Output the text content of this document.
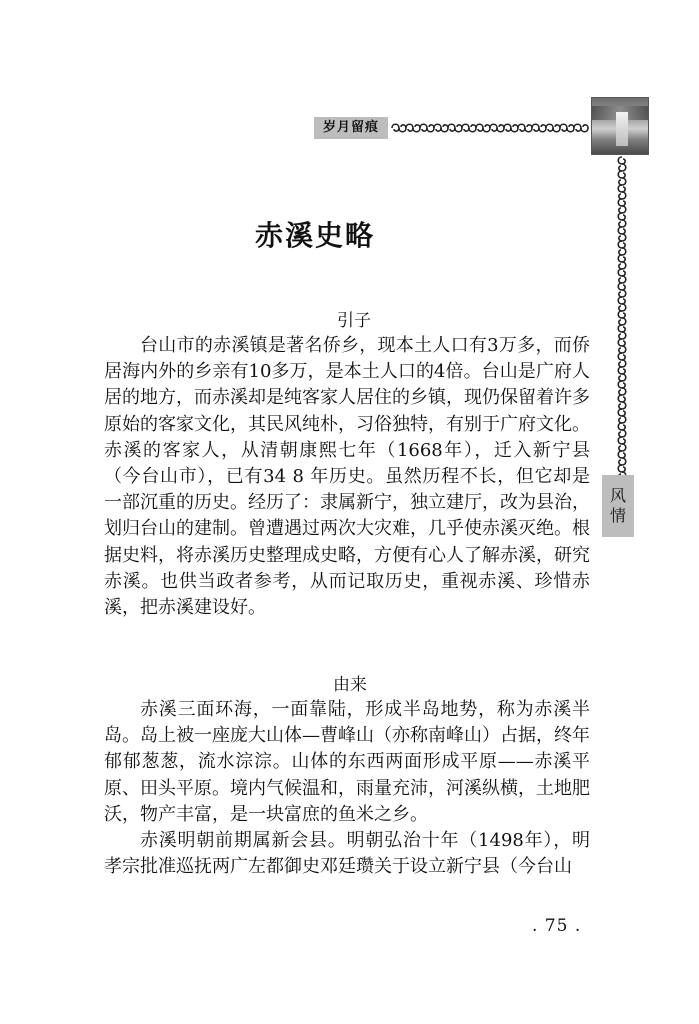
岁月留痕
风
情
赤溪史略
引子

台山市的赤溪镇是著名侨乡，现本土人口有3万多，而侨居海内外的乡亲有10多万，是本土人口的4倍。台山是广府人居的地方，而赤溪却是纯客家人居住的乡镇，现仍保留着许多原始的客家文化，其民风纯朴，习俗独特，有别于广府文化。赤溪的客家人，从清朝康熙七年（1668年），迁入新宁县（今台山市），已有34 8 年历史。虽然历程不长，但它却是一部沉重的历史。经历了：隶属新宁，独立建厅，改为县治，划归台山的建制。曾遭遇过两次大灾难，几乎使赤溪灭绝。根据史料，将赤溪历史整理成史略，方便有心人了解赤溪，研究赤溪。也供当政者参考，从而记取历史，重视赤溪、珍惜赤溪，把赤溪建设好。

由来

赤溪三面环海，一面靠陆，形成半岛地势，称为赤溪半岛。岛上被一座庞大山体—曹峰山（亦称南峰山）占据，终年郁郁葱葱，流水淙淙。山体的东西两面形成平原——赤溪平原、田头平原。境内气候温和，雨量充沛，河溪纵横，土地肥沃，物产丰富，是一块富庶的鱼米之乡。

赤溪明朝前期属新会县。明朝弘治十年（1498年），明孝宗批准巡抚两广左都御史邓廷瓒关于设立新宁县（今台山

. 75 .
